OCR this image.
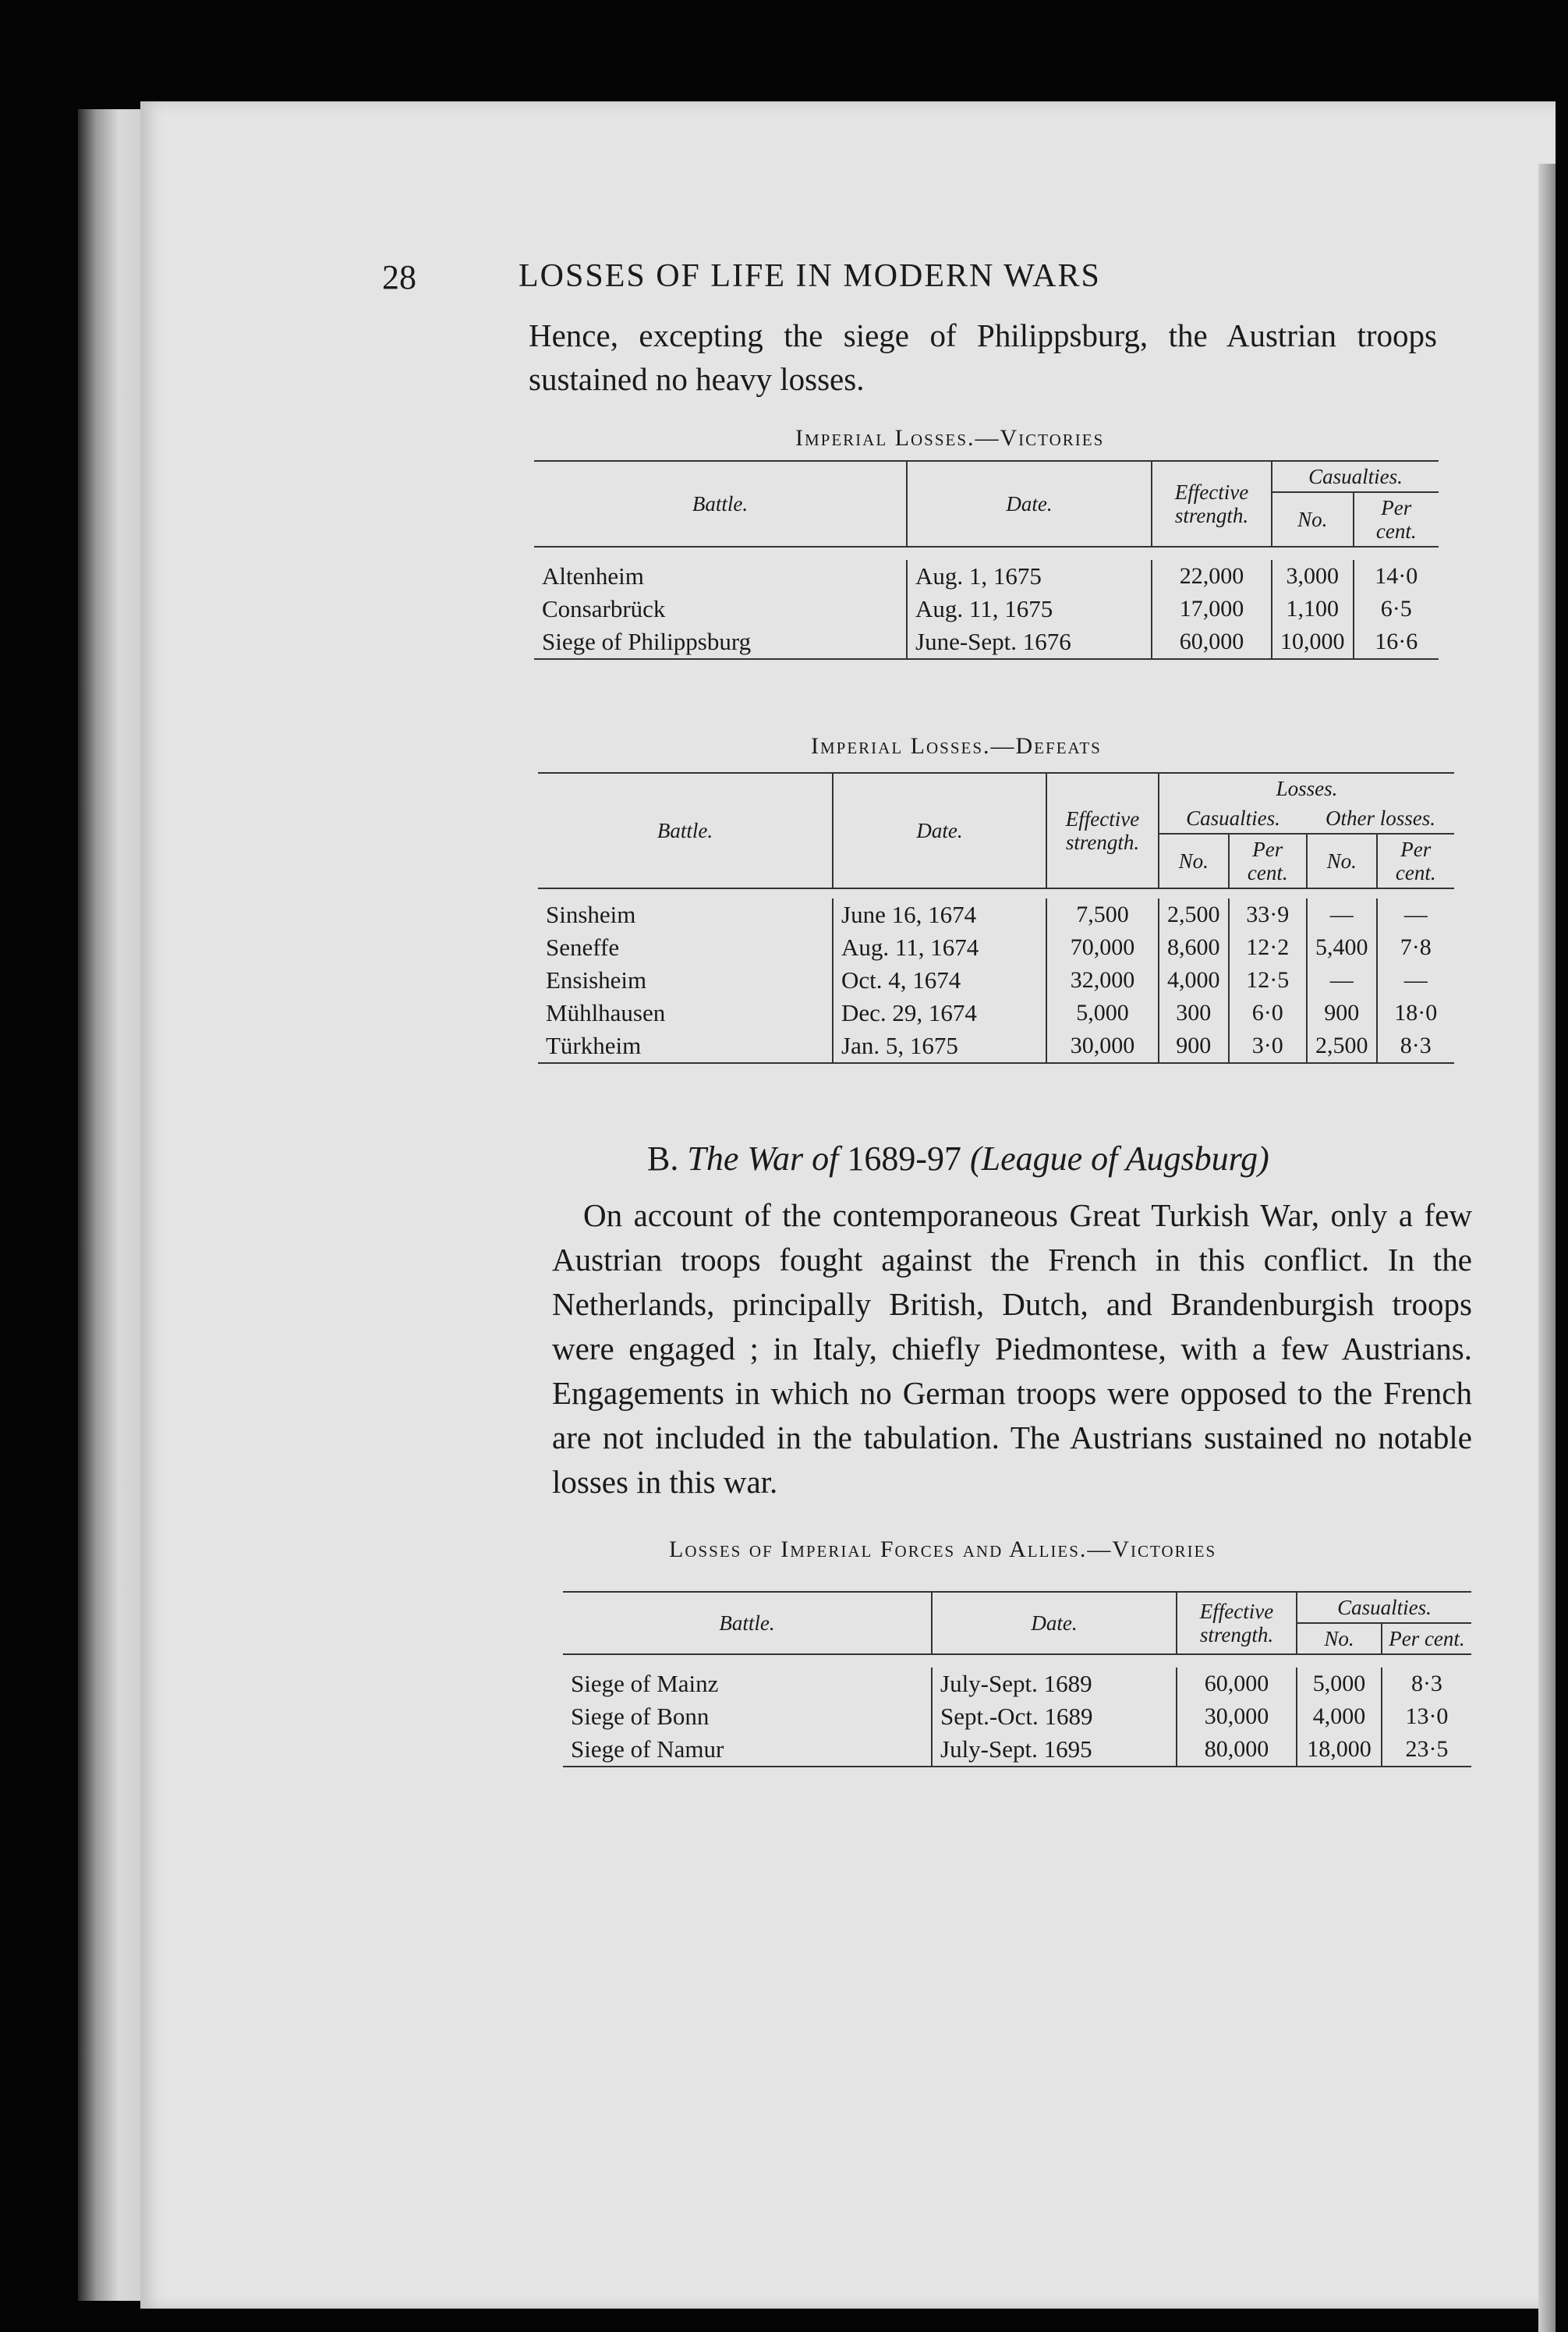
28	LOSSES OF LIFE IN MODERN WARS

Hence, excepting the siege of Philippsburg, the Austrian troops sustained no heavy losses.

Imperial Losses.—Victories
Battle.	Date.	Effective strength.	Casualties.	
			No.	Per cent.

Altenheim	Aug. 1, 1675	22,000	3,000	14·0
Consarbrück	Aug. 11, 1675	17,000	1,100	6·5
Siege of Philippsburg	June-Sept. 1676	60,000	10,000	16·6
Imperial Losses.—Defeats
Battle.	Date.	Effective strength.	Losses.			
			Casualties.		Other losses.	
			No.	Per cent.	No.	Per cent.

Sinsheim	June 16, 1674	7,500	2,500	33·9	—	—
Seneffe	Aug. 11, 1674	70,000	8,600	12·2	5,400	7·8
Ensisheim	Oct. 4, 1674	32,000	4,000	12·5	—	—
Mühlhausen	Dec. 29, 1674	5,000	300	6·0	900	18·0
Türkheim	Jan. 5, 1675	30,000	900	3·0	2,500	8·3
B. The War of 1689-97 (League of Augsburg)

On account of the contemporaneous Great Turkish War, only a few Austrian troops fought against the French in this conflict. In the Netherlands, principally British, Dutch, and Brandenburgish troops were engaged ; in Italy, chiefly Piedmontese, with a few Austrians. Engagements in which no German troops were opposed to the French are not included in the tabulation. The Austrians sustained no notable losses in this war.

Losses of Imperial Forces and Allies.—Victories
Battle.	Date.	Effective strength.	Casualties.	
			No.	Per cent.

Siege of Mainz	July-Sept. 1689	60,000	5,000	8·3
Siege of Bonn	Sept.-Oct. 1689	30,000	4,000	13·0
Siege of Namur	July-Sept. 1695	80,000	18,000	23·5
